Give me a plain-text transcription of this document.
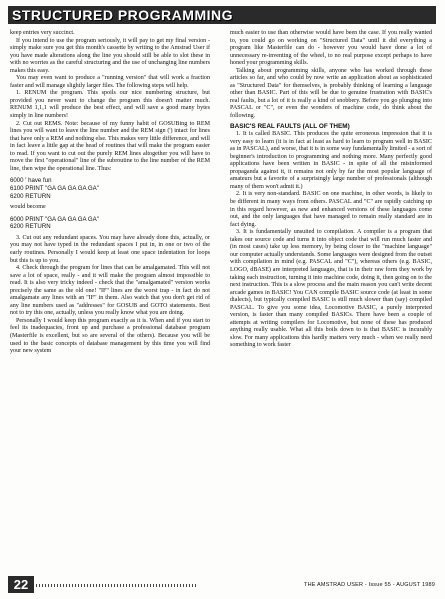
STRUCTURED PROGRAMMING

keep entries very succinct.

If you intend to use the program seriously, it will pay to get my final version - simply make sure you get this month's cassette by writing to the Amstrad User if you have made alterations along the line you should still be able to slot these in with no worries as the careful structuring and the use of unchanging line numbers makes this easy.

You may even want to produce a "running version" that will work a fraction faster and will manage slightly larger files. The following steps will help.

1. RENUM the program. This spoils our nice numbering structure, but provided you never want to change the program this doesn't matter much. RENUM 1,1,1 will produce the best effect, and will save a good many bytes simply in line numbers!

2. Cut out REMS. Note: because of my funny habit of GOSUBing to REM lines you will want to leave the line number and the REM sign (') intact for lines that have only a REM and nothing else. This makes very little difference, and will in fact leave a little gap at the head of routines that will make the program easier to read. If you want to cut out the purely REM lines altogether you will have to move the first "operational" line of the subroutine to the line number of the REM line, then wipe the operational line. Thus:

6000 ' have fun
6100 PRINT "GA GA GA GA GA"
6200 RETURN

would become

6000 PRINT "GA GA GA GA GA"
6200 RETURN

3. Cut out any redundant spaces. You may have already done this, actually, or you may not have typed in the redundant spaces I put in, in one or two of the early routines. Personally I would keep at least one space indentation for loops but this is up to you.

4. Check through the program for lines that can be amalgamated. This will not save a lot of space, really - and it will make the program almost impossible to read. It is also very tricky indeed - check that the "amalgamated" version works precisely the same as the old one! "IF" lines are the worst trap - in fact do not amalgamate any lines with an "IF" in them. Also watch that you don't get rid of any line numbers used as "addresses" for GOSUB and GOTO statements. Best not to try this one, actually, unless you really know what you are doing.

Personally I would keep this program exactly as it is. When and if you start to feel its inadequacies, front up and purchase a professional database program (Masterfile is excellent, but so are several of the others). Because you will be used to the basic concepts of database management by this time you will find your new system

much easier to use than otherwise would have been the case. If you really wanted to, you could go on working on "Structured Data" until it did everything a program like Masterfile can do - however you would have done a lot of unnecessary re-inventing of the wheel, to no real purpose except perhaps to have honed your programming skills.

Talking about programming skills, anyone who has worked through these articles so far, and who could by now write an application about as sophisticated as "Structured Data" for themselves, is probably thinking of learning a language other than BASIC. Part of this will be due to genuine frustration with BASIC's real faults, but a lot of it is really a kind of snobbery. Before you go plunging into PASCAL or "C", or even the wonders of machine code, do think about the following.

BASIC'S REAL FAULTS (ALL OF THEM)

1. It is called BASIC. This produces the quite erroneous impression that it is very easy to learn (it is in fact at least as hard to learn to program well in BASIC as in PASCAL), and worse, that it is in some way fundamentally limited - a sort of beginner's introduction to programming and nothing more. Many perfectly good applications have been written in BASIC - in spite of all the misinformed propaganda against it, it remains not only by far the most popular language of amateurs but a favorite of a surprisingly large number of professionals (although many of them won't admit it.)

2. It is very non-standard. BASIC on one machine, in other words, is likely to be different in many ways from others. PASCAL and "C" are rapidly catching up in this regard however, as new and enhanced versions of these languages come out, and the only languages that have managed to remain really standard are in fact dying.

3. It is fundamentally unsuited to compilation. A compiler is a program that takes our source code and turns it into object code that will run much faster and (in most cases) take up less memory, by being closer to the "machine language" our computer actually understands. Some languages were designed from the outset with compilation in mind (e.g. PASCAL and "C"), whereas others (e.g. BASIC, LOGO, dBASE) are interpreted languages, that is in their raw form they work by taking each instruction, turning it into machine code, doing it, then going on to the next instruction. This is a slow process and the main reason you can't write decent arcade games in BASIC! You CAN compile BASIC source code (at least in some dialects), but typically compiled BASIC is still much slower than (say) compiled PASCAL. To give you some idea, Locomotive BASIC, a purely interpreted version, is faster than many compiled BASICs. There have been a couple of attempts at writing compilers for Locomotive, but none of these has produced anything really usable. What all this boils down to is that BASIC is incurably slow. For many applications this hardly matters very much - when we really need something to work faster

22	THE AMSTRAD USER - Issue 55 - AUGUST 1989
